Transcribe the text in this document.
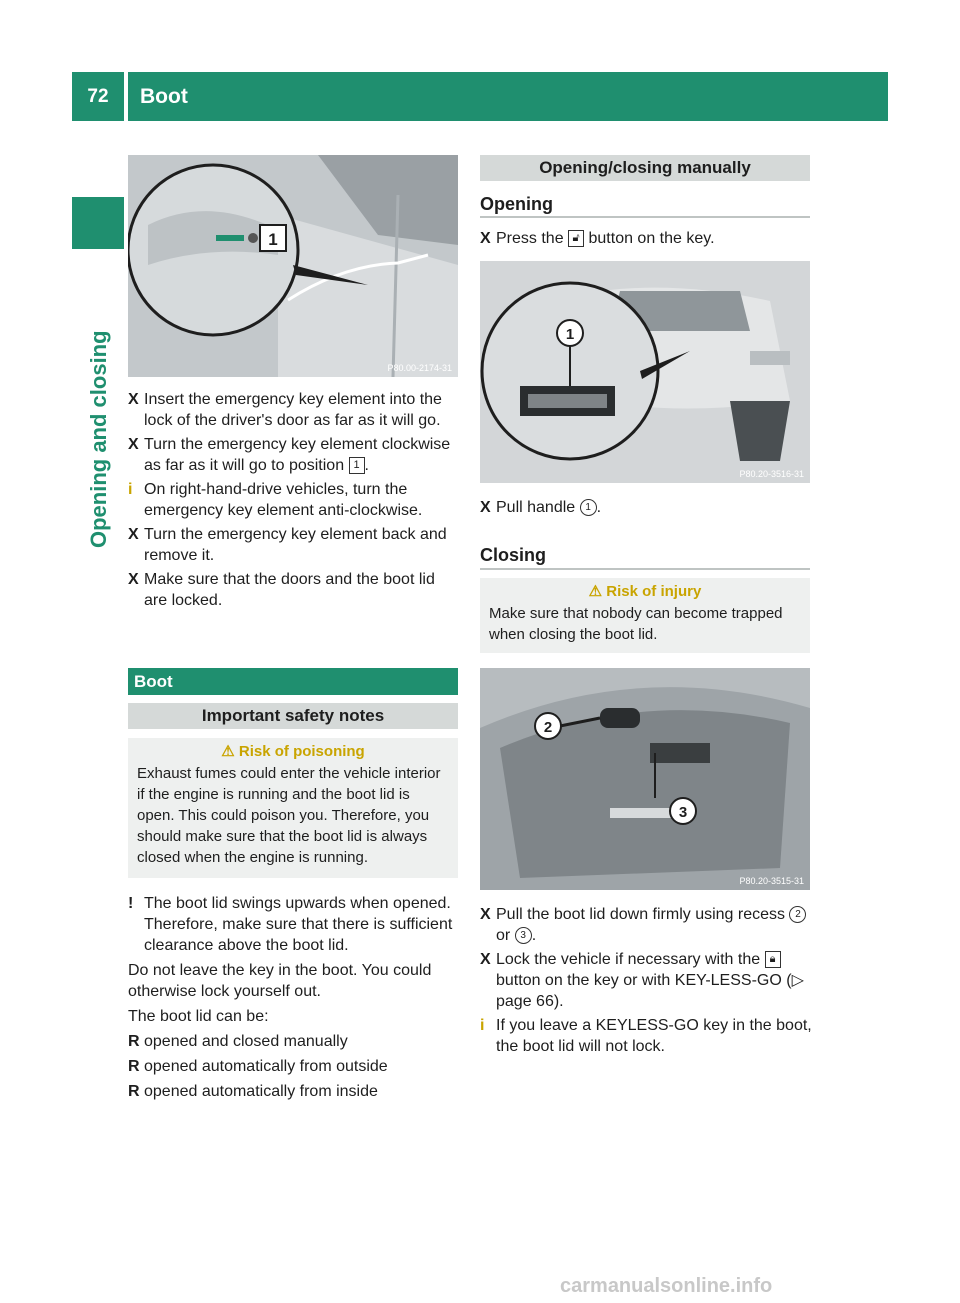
72	Boot
Opening and closing
1
P80.00-2174-31
X Insert the emergency key element into the lock of the driver's door as far as it will go.
X Turn the emergency key element clockwise as far as it will go to position 1 .
i On right-hand-drive vehicles, turn the emergency key element anti-clockwise.
X Turn the emergency key element back and remove it.
X Make sure that the doors and the boot lid are locked.
Boot
Important safety notes
⚠ Risk of poisoning
Exhaust fumes could enter the vehicle interior if the engine is running and the boot lid is open. This could poison you. Therefore, you should make sure that the boot lid is always closed when the engine is running.
! The boot lid swings upwards when opened. Therefore, make sure that there is sufficient clearance above the boot lid.
Do not leave the key in the boot. You could otherwise lock yourself out.
The boot lid can be:
R opened and closed manually
R opened automatically from outside
R opened automatically from inside
Opening/closing manually
Opening
X Press the 🔓︎ button on the key.
1
P80.20-3516-31
X Pull handle 1 .
Closing
⚠ Risk of injury
Make sure that nobody can become trapped when closing the boot lid.
2
3
P80.20-3515-31
X Pull the boot lid down firmly using recess 2 or 3 .
X Lock the vehicle if necessary with the 🔒︎ button on the key or with KEY-LESS-GO (▷ page 66).
i If you leave a KEYLESS-GO key in the boot, the boot lid will not lock.
carmanualsonline.info
